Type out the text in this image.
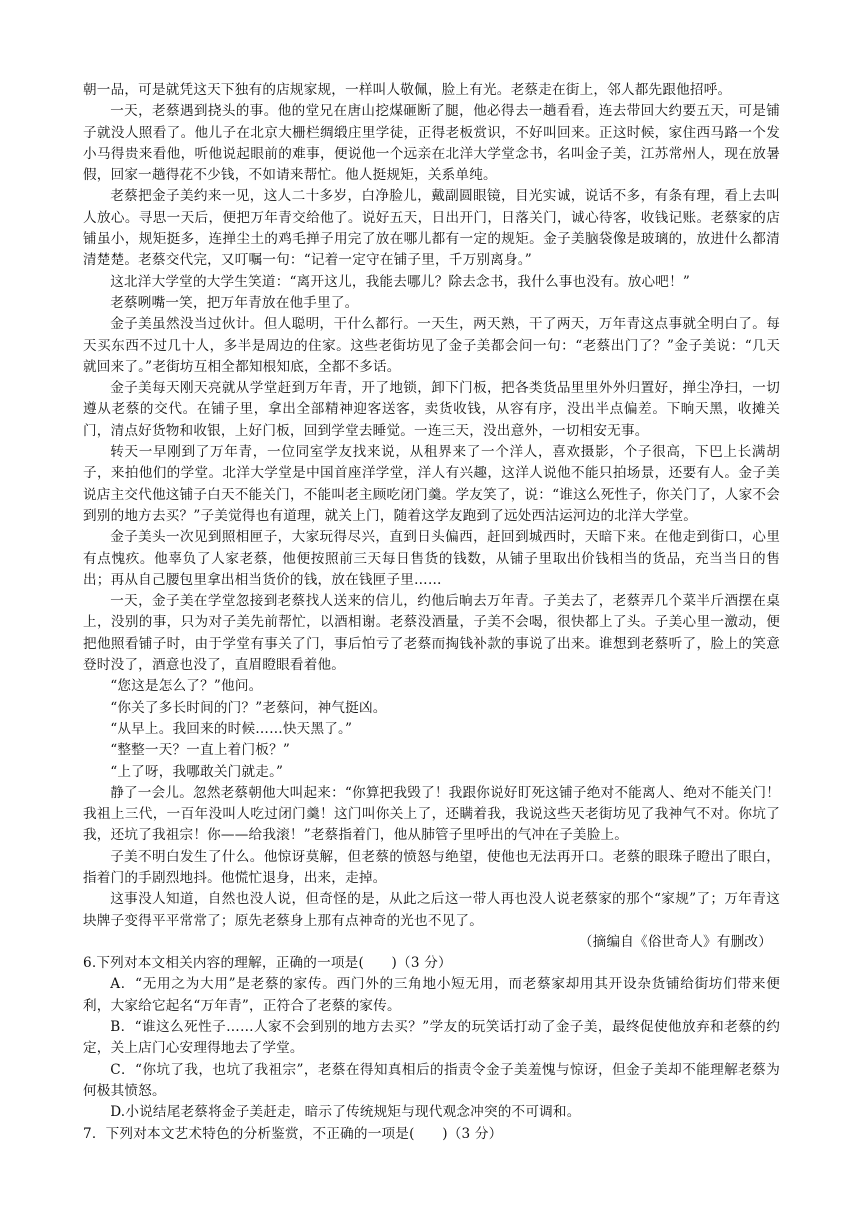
朝一品，可是就凭这天下独有的店规家规，一样叫人敬佩，脸上有光。老蔡走在街上，邻人都先跟他招呼。

一天，老蔡遇到挠头的事。他的堂兄在唐山挖煤砸断了腿，他必得去一趟看看，连去带回大约要五天，可是铺子就没人照看了。他儿子在北京大栅栏绸缎庄里学徒，正得老板赏识，不好叫回来。正这时候，家住西马路一个发小马得贵来看他，听他说起眼前的难事，便说他一个远亲在北洋大学堂念书，名叫金子美，江苏常州人，现在放暑假，回家一趟得花不少钱，不如请来帮忙。他人挺规矩，关系单纯。

老蔡把金子美约来一见，这人二十多岁，白净脸儿，戴副圆眼镜，目光实诚，说话不多，有条有理，看上去叫人放心。寻思一天后，便把万年青交给他了。说好五天，日出开门，日落关门，诚心待客，收钱记账。老蔡家的店铺虽小，规矩挺多，连掸尘土的鸡毛掸子用完了放在哪儿都有一定的规矩。金子美脑袋像是玻璃的，放进什么都清清楚楚。老蔡交代完，又叮嘱一句：“记着一定守在铺子里，千万别离身。”

这北洋大学堂的大学生笑道：“离开这儿，我能去哪儿？除去念书，我什么事也没有。放心吧！”

老蔡咧嘴一笑，把万年青放在他手里了。

金子美虽然没当过伙计。但人聪明，干什么都行。一天生，两天熟，干了两天，万年青这点事就全明白了。每天买东西不过几十人，多半是周边的住家。这些老街坊见了金子美都会问一句：“老蔡出门了？”金子美说：“几天就回来了。”老街坊互相全都知根知底，全都不多话。

金子美每天刚天亮就从学堂赶到万年青，开了地锁，卸下门板，把各类货品里里外外归置好，掸尘净扫，一切遵从老蔡的交代。在铺子里，拿出全部精神迎客送客，卖货收钱，从容有序，没出半点偏差。下晌天黑，收摊关门，清点好货物和收银，上好门板，回到学堂去睡觉。一连三天，没出意外，一切相安无事。

转天一早刚到了万年青，一位同室学友找来说，从租界来了一个洋人，喜欢摄影，个子很高，下巴上长满胡子，来拍他们的学堂。北洋大学堂是中国首座洋学堂，洋人有兴趣，这洋人说他不能只拍场景，还要有人。金子美说店主交代他这铺子白天不能关门，不能叫老主顾吃闭门羹。学友笑了，说：“谁这么死性子，你关门了，人家不会到别的地方去买？”子美觉得也有道理，就关上门，随着这学友跑到了远处西沽运河边的北洋大学堂。

金子美头一次见到照相匣子，大家玩得尽兴，直到日头偏西，赶回到城西时，天暗下来。在他走到街口，心里有点愧疚。他辜负了人家老蔡，他便按照前三天每日售货的钱数，从铺子里取出价钱相当的货品，充当当日的售出；再从自己腰包里拿出相当货价的钱，放在钱匣子里……

一天，金子美在学堂忽接到老蔡找人送来的信儿，约他后晌去万年青。子美去了，老蔡弄几个菜半斤酒摆在桌上，没别的事，只为对子美先前帮忙，以酒相谢。老蔡没酒量，子美不会喝，很快都上了头。子美心里一激动，便把他照看铺子时，由于学堂有事关了门，事后怕亏了老蔡而掏钱补款的事说了出来。谁想到老蔡听了，脸上的笑意登时没了，酒意也没了，直眉瞪眼看着他。

“您这是怎么了？”他问。

“你关了多长时间的门？”老蔡问，神气挺凶。

“从早上。我回来的时候……快天黑了。”

“整整一天？一直上着门板？”

“上了呀，我哪敢关门就走。”

静了一会儿。忽然老蔡朝他大叫起来：“你算把我毁了！我跟你说好盯死这铺子绝对不能离人、绝对不能关门！我祖上三代，一百年没叫人吃过闭门羹！这门叫你关上了，还瞒着我，我说这些天老街坊见了我神气不对。你坑了我，还坑了我祖宗！你——给我滚！”老蔡指着门，他从肺管子里呼出的气冲在子美脸上。

子美不明白发生了什么。他惊讶莫解，但老蔡的愤怒与绝望，使他也无法再开口。老蔡的眼珠子瞪出了眼白，指着门的手剧烈地抖。他慌忙退身，出来，走掉。

这事没人知道，自然也没人说，但奇怪的是，从此之后这一带人再也没人说老蔡家的那个“家规”了；万年青这块牌子变得平平常常了；原先老蔡身上那有点神奇的光也不见了。

（摘编自《俗世奇人》有删改）

6.下列对本文相关内容的理解，正确的一项是(　　)（3 分）

A．“无用之为大用”是老蔡的家传。西门外的三角地小短无用，而老蔡家却用其开设杂货铺给街坊们带来便利，大家给它起名“万年青”，正符合了老蔡的家传。

B．“谁这么死性子……人家不会到别的地方去买？”学友的玩笑话打动了金子美，最终促使他放弃和老蔡的约定，关上店门心安理得地去了学堂。

C．“你坑了我，也坑了我祖宗”，老蔡在得知真相后的指责令金子美羞愧与惊讶，但金子美却不能理解老蔡为何极其愤怒。

D.小说结尾老蔡将金子美赶走，暗示了传统规矩与现代观念冲突的不可调和。

7．下列对本文艺术特色的分析鉴赏，不正确的一项是(　　)（3 分）
